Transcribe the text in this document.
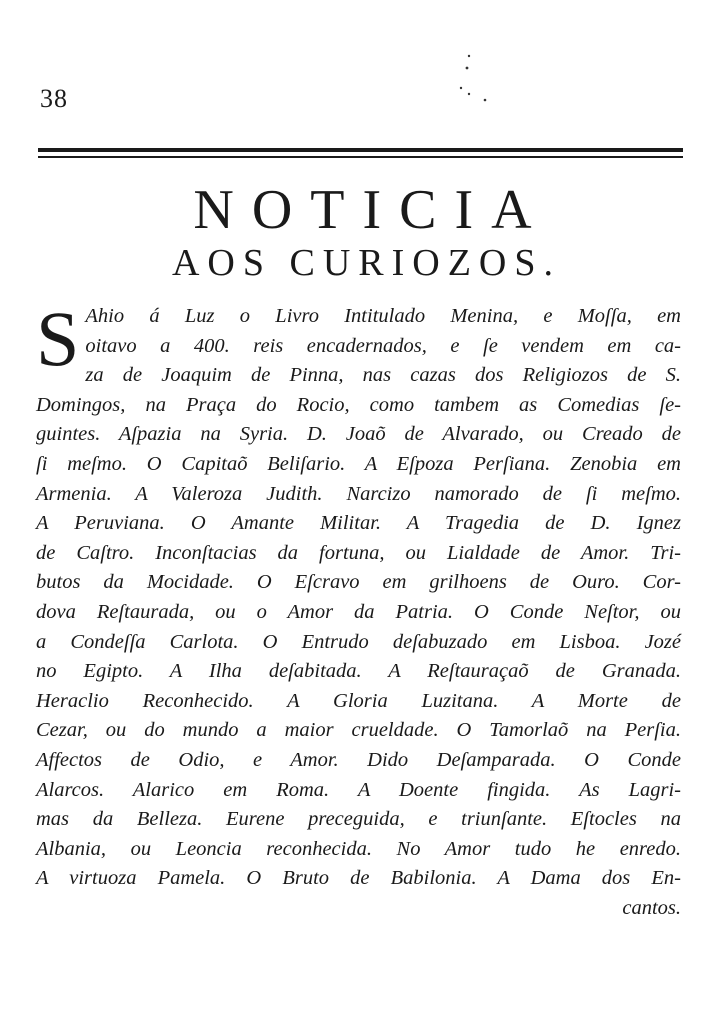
38
NOTICIA
AOS CURIOZOS.
S Ahio á Luz o Livro Intitulado Menina, e Moſſa, em
oitavo a 400. reis encadernados, e ſe vendem em ca-
za de Joaquim de Pinna, nas cazas dos Religiozos de S.
Domingos, na Praça do Rocio, como tambem as Comedias ſe-
guintes. Aſpazia na Syria. D. Joaõ de Alvarado, ou Creado de
ſi meſmo. O Capitaõ Beliſario. A Eſpoza Perſiana. Zenobia em
Armenia. A Valeroza Judith. Narcizo namorado de ſi meſmo.
A Peruviana. O Amante Militar. A Tragedia de D. Ignez
de Caſtro. Inconſtacias da fortuna, ou Lialdade de Amor. Tri-
butos da Mocidade. O Eſcravo em grilhoens de Ouro. Cor-
dova Reſtaurada, ou o Amor da Patria. O Conde Neſtor, ou
a Condeſſa Carlota. O Entrudo deſabuzado em Lisboa. Jozé
no Egipto. A Ilha deſabitada. A Reſtauraçaõ de Granada.
Heraclio Reconhecido. A Gloria Luzitana. A Morte de
Cezar, ou do mundo a maior crueldade. O Tamorlaõ na Perſia.
Affectos de Odio, e Amor. Dido Deſamparada. O Conde
Alarcos. Alarico em Roma. A Doente fingida. As Lagri-
mas da Belleza. Eurene preceguida, e triunſante. Eſtocles na
Albania, ou Leoncia reconhecida. No Amor tudo he enredo.
A virtuoza Pamela. O Bruto de Babilonia. A Dama dos En-
cantos.
